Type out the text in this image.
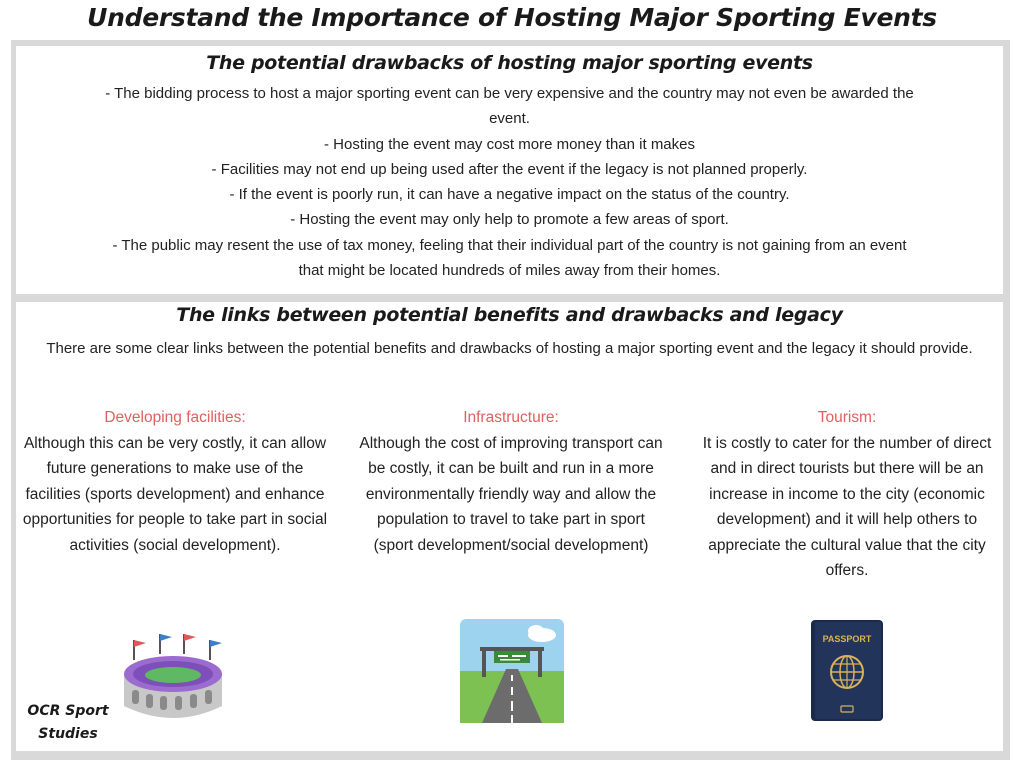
Understand the Importance of Hosting Major Sporting Events
The potential drawbacks of hosting major sporting events
- The bidding process to host a major sporting event can be very expensive and the country may not even be awarded the
event.
- Hosting the event may cost more money than it makes
- Facilities may not end up being used after the event if the legacy is not planned properly.
- If the event is poorly run, it can have a negative impact on the status of the country.
- Hosting the event may only help to promote a few areas of sport.
- The public may resent the use of tax money, feeling that their individual part of the country is not gaining from an event
that might be located hundreds of miles away from their homes.
The links between potential benefits and drawbacks and legacy
There are some clear links between the potential benefits and drawbacks of hosting a major sporting event and the legacy it should provide.
Developing facilities:
Although this can be very costly, it can allow future generations to make use of the facilities (sports development) and enhance opportunities for people to take part in social activities (social development).
Infrastructure:
Although the cost of improving transport can be costly, it can be built and run in a more environmentally friendly way and allow the population to travel to take part in sport (sport development/social development)
Tourism:
It is costly to cater for the number of direct and in direct tourists but there will be an increase in income to the city (economic development) and it will help others to appreciate the cultural value that the city offers.
PASSPORT
OCR Sport
Studies
